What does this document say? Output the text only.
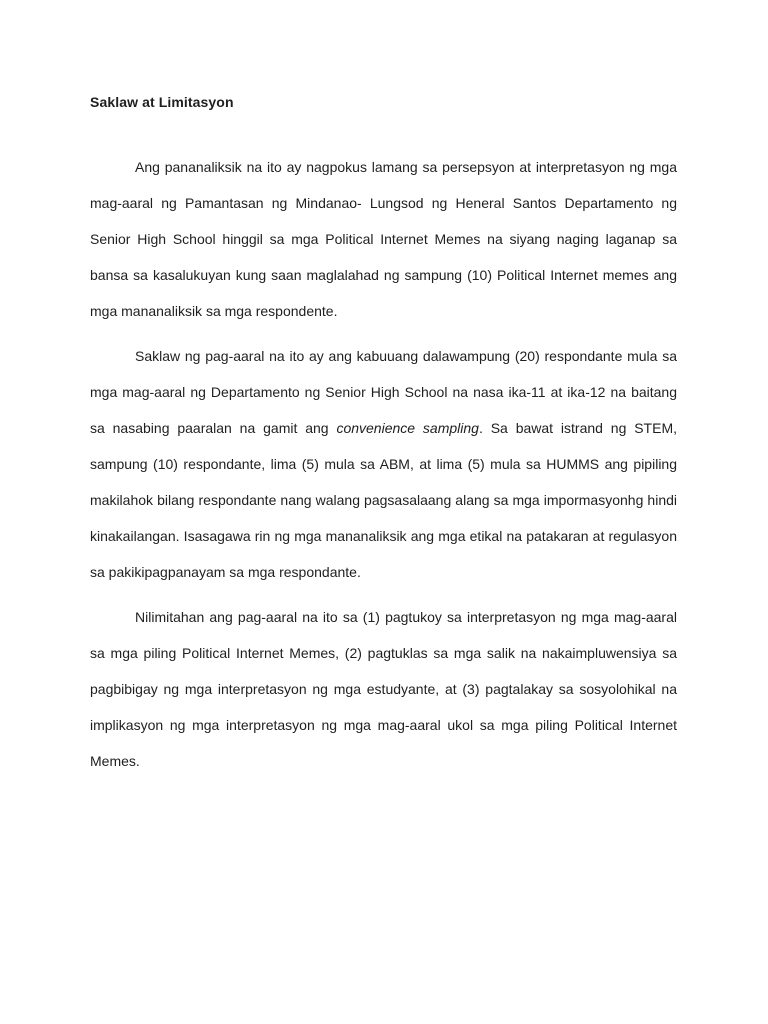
Saklaw at Limitasyon

Ang pananaliksik na ito ay nagpokus lamang sa persepsyon at interpretasyon ng mga mag-aaral ng Pamantasan ng Mindanao- Lungsod ng Heneral Santos Departamento ng Senior High School hinggil sa mga Political Internet Memes na siyang naging laganap sa bansa sa kasalukuyan kung saan maglalahad ng sampung (10) Political Internet memes ang mga mananaliksik sa mga respondente.

Saklaw ng pag-aaral na ito ay ang kabuuang dalawampung (20) respondante mula sa mga mag-aaral ng Departamento ng Senior High School na nasa ika-11 at ika-12 na baitang sa nasabing paaralan na gamit ang convenience sampling. Sa bawat istrand ng STEM, sampung (10) respondante, lima (5) mula sa ABM, at lima (5) mula sa HUMMS ang pipiling makilahok bilang respondante nang walang pagsasalaang alang sa mga impormasyonhg hindi kinakailangan. Isasagawa rin ng mga mananaliksik ang mga etikal na patakaran at regulasyon sa pakikipagpanayam sa mga respondante.

Nilimitahan ang pag-aaral na ito sa (1) pagtukoy sa interpretasyon ng mga mag-aaral sa mga piling Political Internet Memes, (2) pagtuklas sa mga salik na nakaimpluwensiya sa pagbibigay ng mga interpretasyon ng mga estudyante, at (3) pagtalakay sa sosyolohikal na implikasyon ng mga interpretasyon ng mga mag-aaral ukol sa mga piling Political Internet Memes.
